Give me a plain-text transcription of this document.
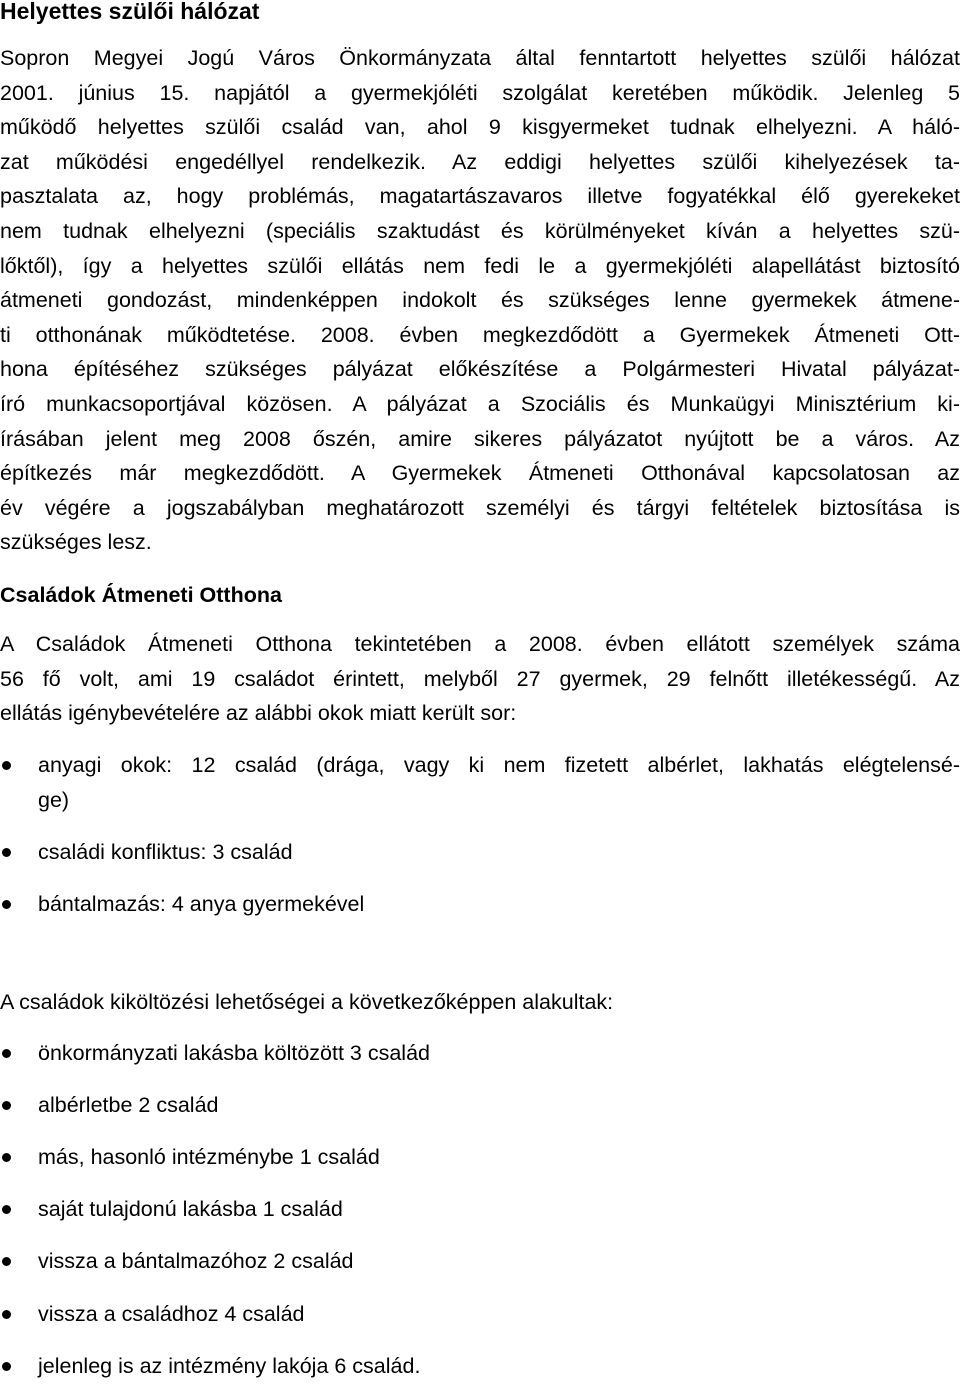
Helyettes szülői hálózat
Sopron Megyei Jogú Város Önkormányzata által fenntartott helyettes szülői hálózat
2001. június 15. napjától a gyermekjóléti szolgálat keretében működik. Jelenleg 5
működő helyettes szülői család van, ahol 9 kisgyermeket tudnak elhelyezni. A háló-
zat működési engedéllyel rendelkezik. Az eddigi helyettes szülői kihelyezések ta-
pasztalata az, hogy problémás, magatartászavaros illetve fogyatékkal élő gyerekeket
nem tudnak elhelyezni (speciális szaktudást és körülményeket kíván a helyettes szü-
lőktől), így a helyettes szülői ellátás nem fedi le a gyermekjóléti alapellátást biztosító
átmeneti gondozást, mindenképpen indokolt és szükséges lenne gyermekek átmene-
ti otthonának működtetése. 2008. évben megkezdődött a Gyermekek Átmeneti Ott-
hona építéséhez szükséges pályázat előkészítése a Polgármesteri Hivatal pályázat-
író munkacsoportjával közösen. A pályázat a Szociális és Munkaügyi Minisztérium ki-
írásában jelent meg 2008 őszén, amire sikeres pályázatot nyújtott be a város. Az
építkezés már megkezdődött. A Gyermekek Átmeneti Otthonával kapcsolatosan az
év végére a jogszabályban meghatározott személyi és tárgyi feltételek biztosítása is
szükséges lesz.
Családok Átmeneti Otthona
A Családok Átmeneti Otthona tekintetében a 2008. évben ellátott személyek száma
56 fő volt, ami 19 családot érintett, melyből 27 gyermek, 29 felnőtt illetékességű. Az
ellátás igénybevételére az alábbi okok miatt került sor:
anyagi okok: 12 család (drága, vagy ki nem fizetett albérlet, lakhatás elégtelensé-
ge)
családi konfliktus: 3 család
bántalmazás: 4 anya gyermekével
A családok kiköltözési lehetőségei a következőképpen alakultak:
önkormányzati lakásba költözött 3 család
albérletbe 2 család
más, hasonló intézménybe 1 család
saját tulajdonú lakásba 1 család
vissza a bántalmazóhoz 2 család
vissza a családhoz 4 család
jelenleg is az intézmény lakója 6 család.
